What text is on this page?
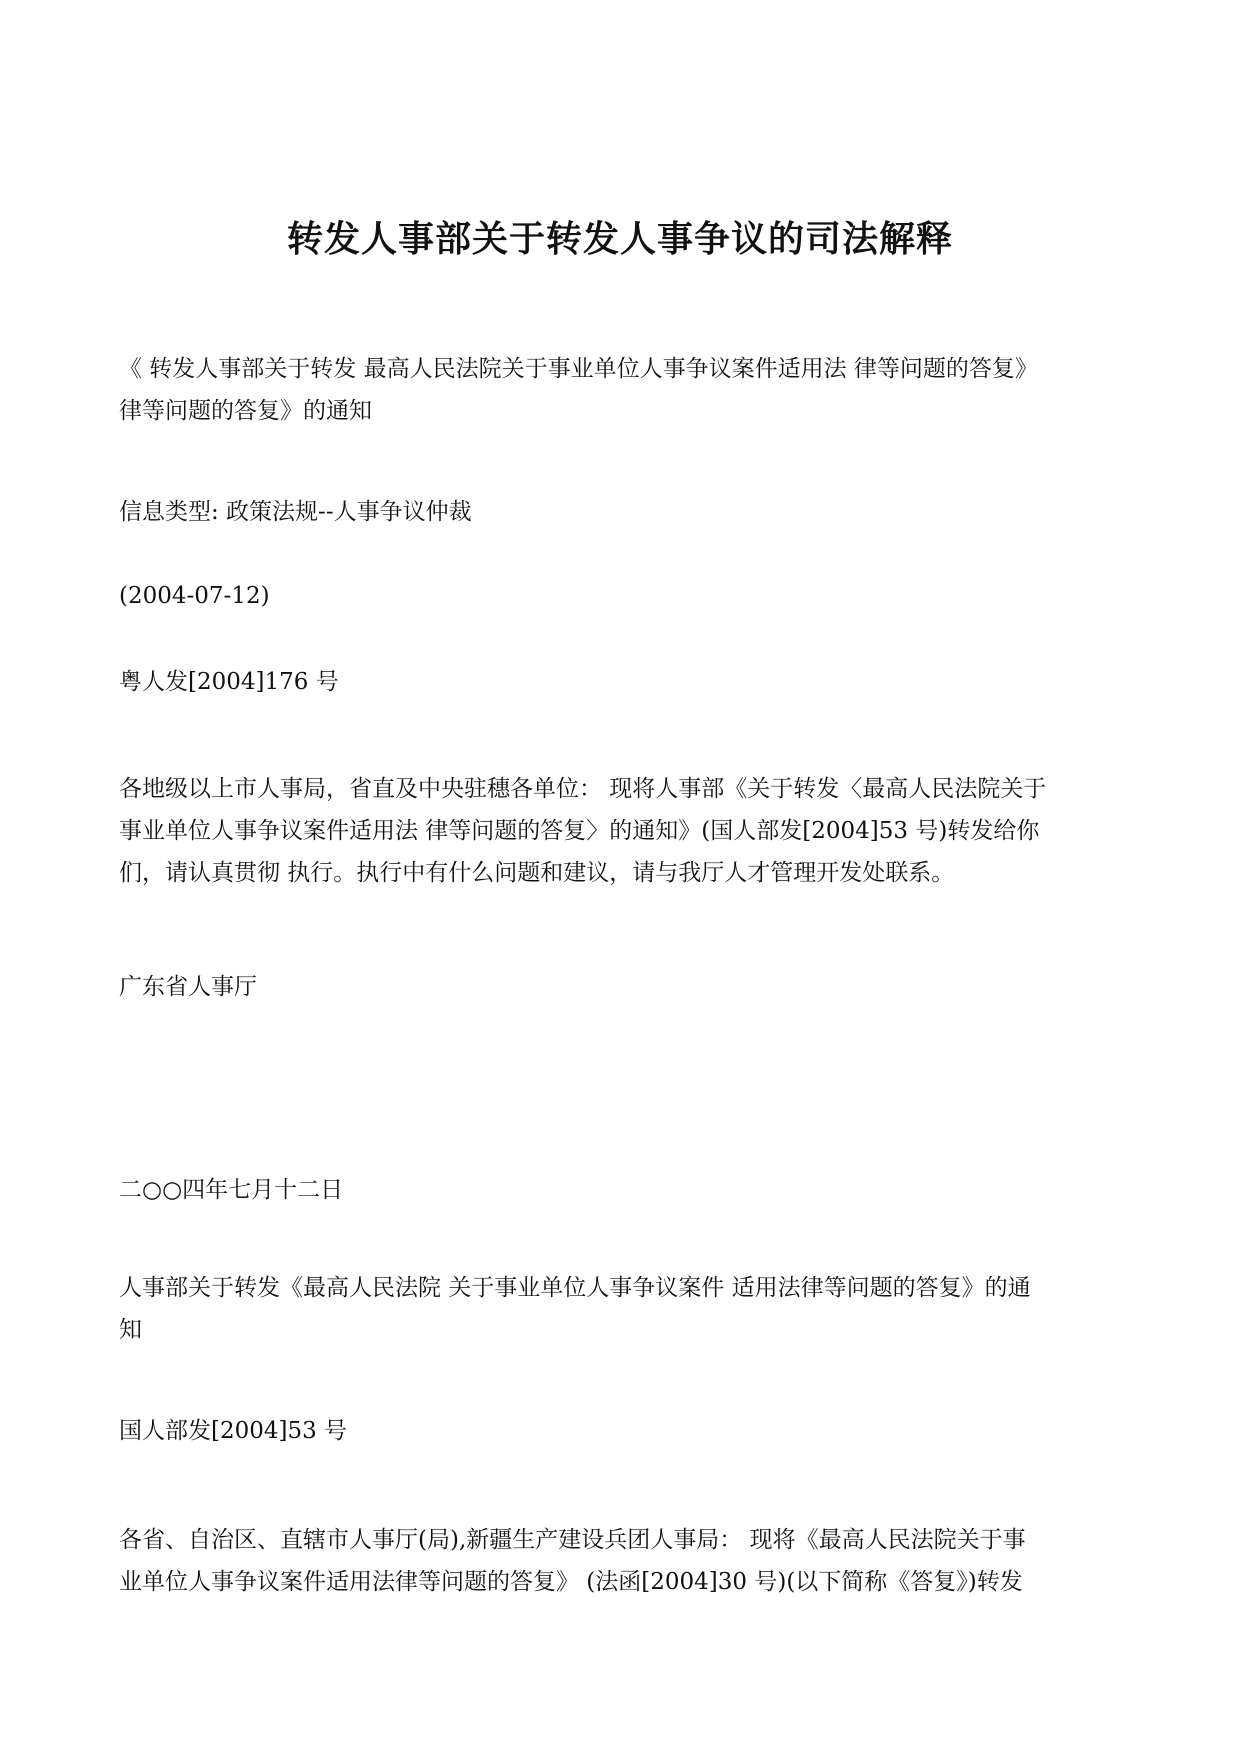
转发人事部关于转发人事争议的司法解释
《 转发人事部关于转发 最高人民法院关于事业单位人事争议案件适用法 律等问题的答复》
律等问题的答复》的通知
信息类型: 政策法规--人事争议仲裁
(2004-07-12)
粤人发[2004]176 号
各地级以上市人事局，省直及中央驻穗各单位： 现将人事部《关于转发〈最高人民法院关于
事业单位人事争议案件适用法 律等问题的答复〉的通知》(国人部发[2004]53 号)转发给你
们，请认真贯彻 执行。执行中有什么问题和建议，请与我厅人才管理开发处联系。
广东省人事厅
二○○四年七月十二日
人事部关于转发《最高人民法院 关于事业单位人事争议案件 适用法律等问题的答复》的通
知
国人部发[2004]53 号
各省、自治区、直辖市人事厅(局),新疆生产建设兵团人事局： 现将《最高人民法院关于事
业单位人事争议案件适用法律等问题的答复》 (法函[2004]30 号)(以下简称《答复》)转发
